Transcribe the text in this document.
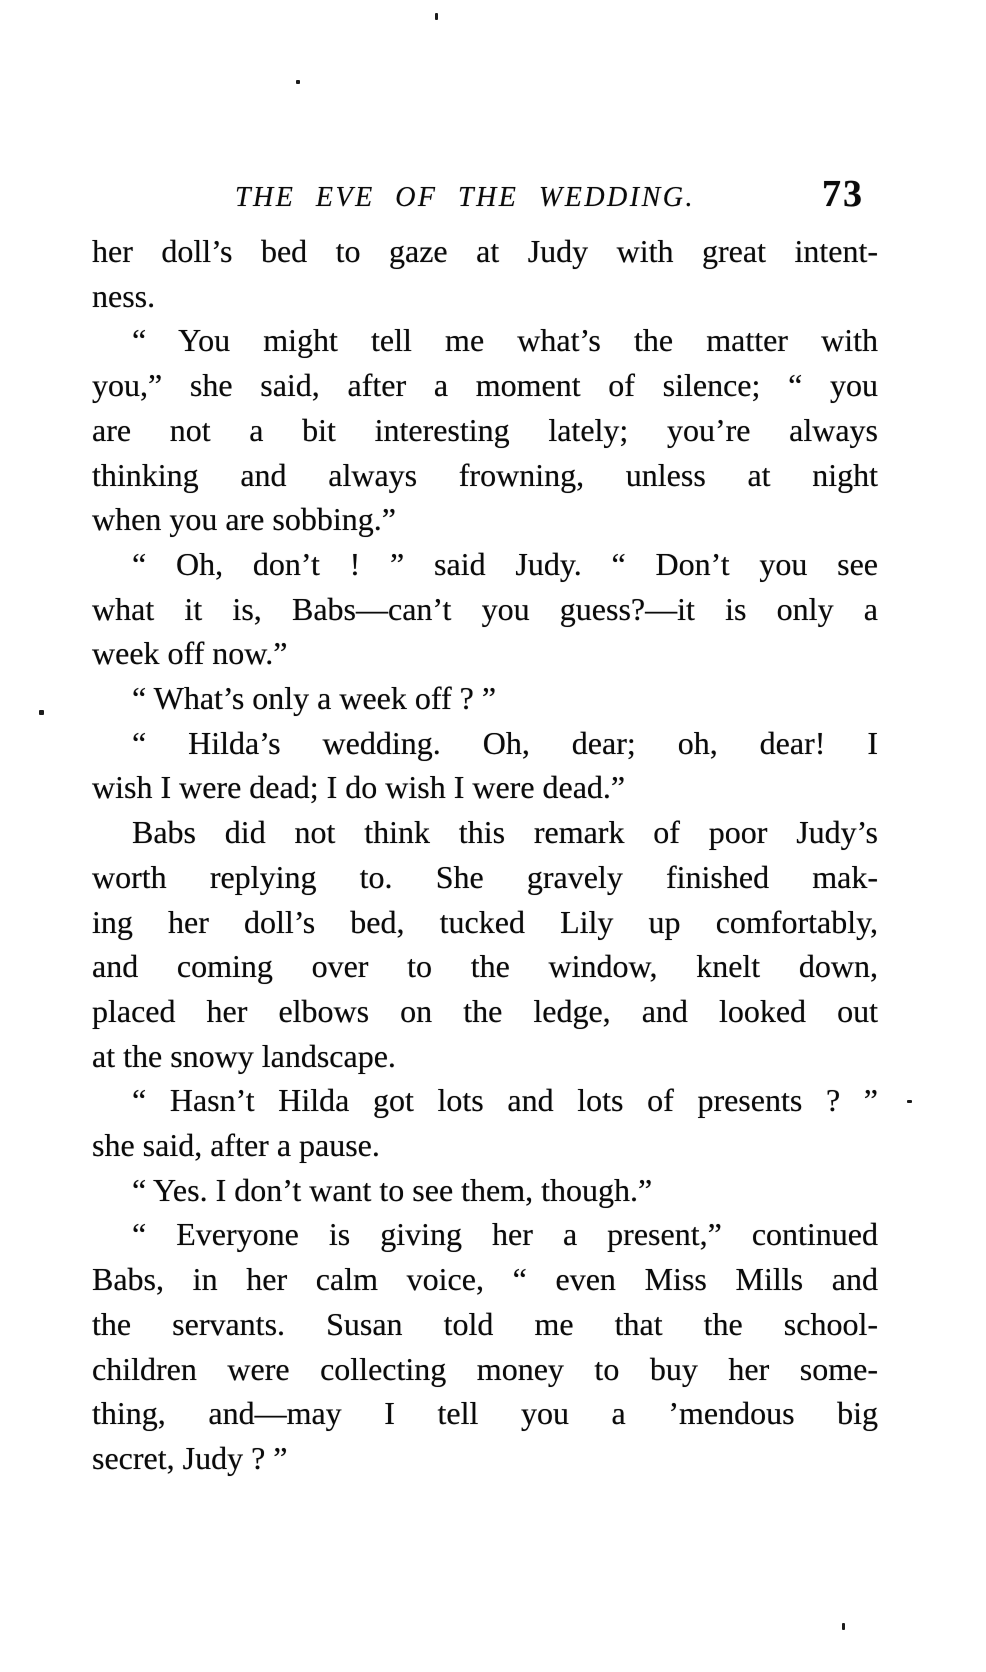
THE EVE OF THE WEDDING.	73
her doll’s bed to gaze at Judy with great intent-
ness.
“ You might tell me what’s the matter with
you,” she said, after a moment of silence; “ you
are not a bit interesting lately; you’re always
thinking and always frowning, unless at night
when you are sobbing.”
“ Oh, don’t ! ” said Judy. “ Don’t you see
what it is, Babs—can’t you guess?—it is only a
week off now.”
“ What’s only a week off ? ”
“ Hilda’s wedding. Oh, dear; oh, dear! I
wish I were dead; I do wish I were dead.”
Babs did not think this remark of poor Judy’s
worth replying to. She gravely finished mak-
ing her doll’s bed, tucked Lily up comfortably,
and coming over to the window, knelt down,
placed her elbows on the ledge, and looked out
at the snowy landscape.
“ Hasn’t Hilda got lots and lots of presents ? ”
she said, after a pause.
“ Yes. I don’t want to see them, though.”
“ Everyone is giving her a present,” continued
Babs, in her calm voice, “ even Miss Mills and
the servants. Susan told me that the school-
children were collecting money to buy her some-
thing, and—may I tell you a ’mendous big
secret, Judy ? ”
